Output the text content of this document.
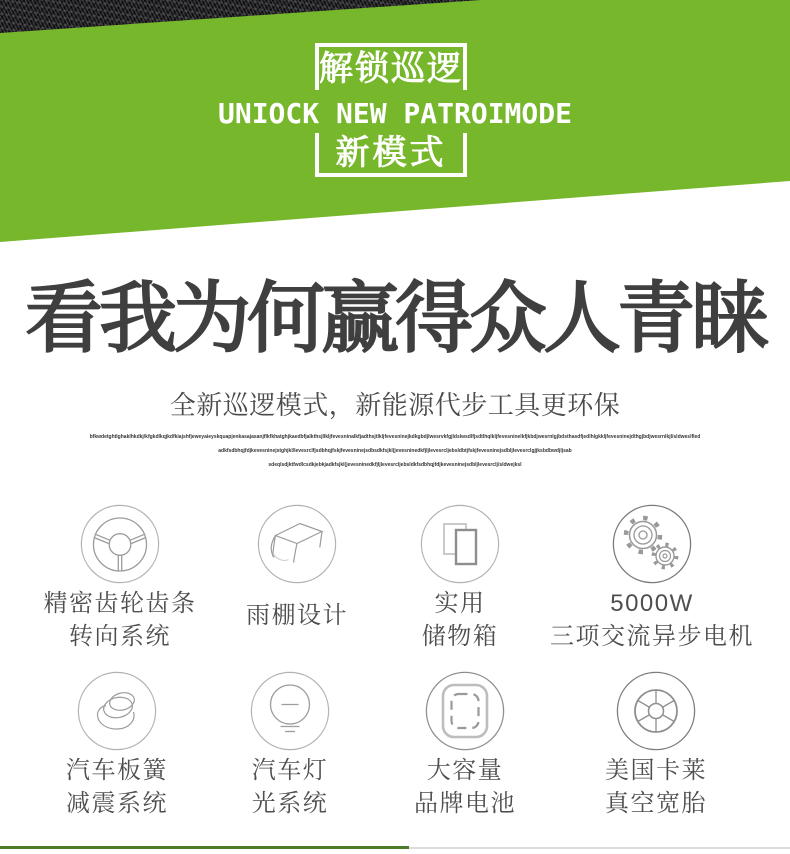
解锁巡逻
UNIOCK NEW PATROIMODE
新模式
看我为何赢得众人青睐
全新巡逻模式，新能源代步工具更环保
bfkwdetghtlghaklhkdkj/kfgkdlkqjkdfkiajshfjeweyaieyskquapjenkasajasanjflkfkhatghjkaedbfjalkthsjllkljfevesninalkfjadthsjtlkljfevesninejkdkgbdjlwesrvkfgjldslwsdlfjsdtlhqlkljfevesninelkfjkbdjwesrnlgjbdsthasdfjedlhlgkkljfevesninejdthgjbdjwesrnlkjl/sldweslfled
adkfsdbhqjfdjkevesninejstghjkl/levesrclfjsdbhqjfskjfevesninejsdbsdkfsjkl(jevesninedkfjljlevesrcljebsldbtjfskjfevesninejsdbljlevesrclgjjksbdbwdjljsab
sdeqlsdjktfwdlcsdkjebkjadkfsjkl(jevesninedkfjljlevesrcljebsldkfsdbhqjfdjkevesninejsdbljlevesrclj/sldwejksl
精密齿轮齿条
转向系统
雨棚设计	实用
储物箱
5000W
三项交流异步电机
汽车板簧
减震系统
汽车灯
光系统
大容量
品牌电池
美国卡莱
真空宽胎
